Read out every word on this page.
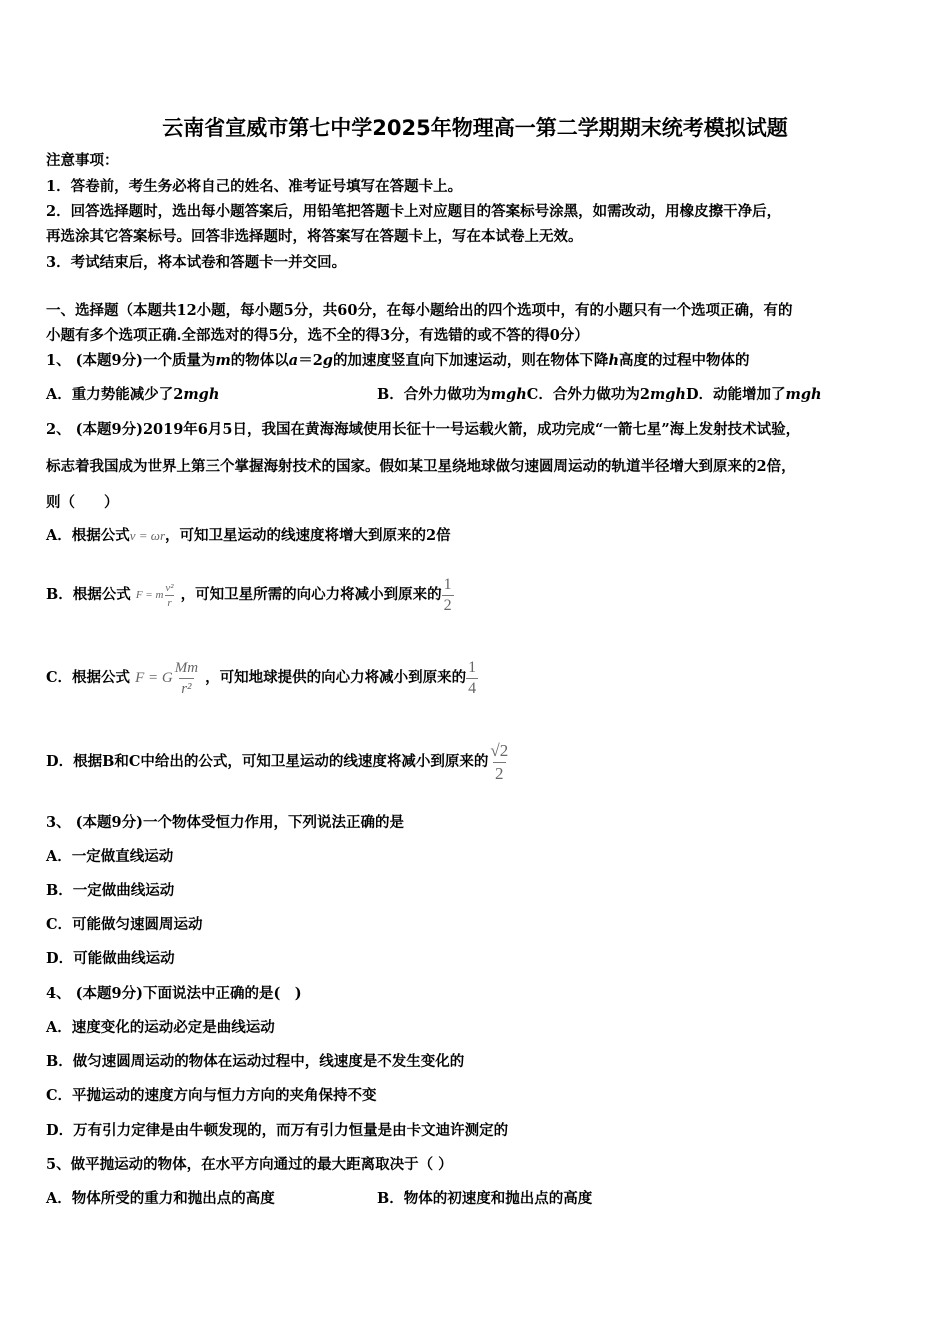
云南省宣威市第七中学2025年物理高一第二学期期末统考模拟试题
注意事项：
1．答卷前，考生务必将自己的姓名、准考证号填写在答题卡上。
2．回答选择题时，选出每小题答案后，用铅笔把答题卡上对应题目的答案标号涂黑，如需改动，用橡皮擦干净后，
再选涂其它答案标号。回答非选择题时，将答案写在答题卡上，写在本试卷上无效。
3．考试结束后，将本试卷和答题卡一并交回。
一、选择题（本题共12小题，每小题5分，共60分，在每小题给出的四个选项中，有的小题只有一个选项正确，有的
小题有多个选项正确.全部选对的得5分，选不全的得3分，有选错的或不答的得0分）
1、 (本题9分)一个质量为m的物体以a＝2g的加速度竖直向下加速运动，则在物体下降h高度的过程中物体的
A．重力势能减少了2mgh	B．合外力做功为mghC．合外力做功为2mghD．动能增加了mgh
2、 (本题9分)2019年6月5日，我国在黄海海域使用长征十一号运载火箭，成功完成“一箭七星”海上发射技术试验，
标志着我国成为世界上第三个掌握海射技术的国家。假如某卫星绕地球做匀速圆周运动的轨道半径增大到原来的2倍，
则（　　）
A．根据公式v = ωr，可知卫星运动的线速度将增大到原来的2倍
B．根据公式 F = m $\frac{\text{v²}}{r}$ ，可知卫星所需的向心力将减小到原来的 $\frac{1}{2}$
C．根据公式 F = G $\frac{Mm}{\text{r²}}$ ，可知地球提供的向心力将减小到原来的 $\frac{1}{4}$
D．根据B和C中给出的公式，可知卫星运动的线速度将减小到原来的 $\frac{√2}{2}$
3、 (本题9分)一个物体受恒力作用，下列说法正确的是
A．一定做直线运动
B．一定做曲线运动
C．可能做匀速圆周运动
D．可能做曲线运动
4、 (本题9分)下面说法中正确的是(　)
A．速度变化的运动必定是曲线运动
B．做匀速圆周运动的物体在运动过程中，线速度是不发生变化的
C．平抛运动的速度方向与恒力方向的夹角保持不变
D．万有引力定律是由牛顿发现的，而万有引力恒量是由卡文迪许测定的
5、做平抛运动的物体，在水平方向通过的最大距离取决于（ ）
A．物体所受的重力和抛出点的高度	B．物体的初速度和抛出点的高度
